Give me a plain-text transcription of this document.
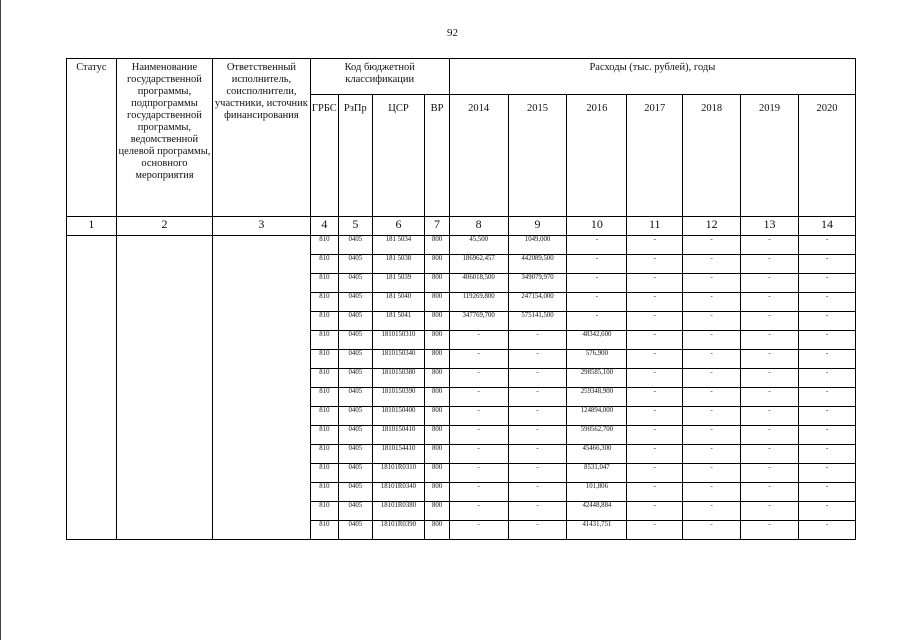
92
Статус	Наименование государственной программы, подпрограммы государственной программы, ведомственной целевой программы, основного мероприятия	Ответственный исполнитель, соисполнители, участники, источник финансирования	Код бюджетной классификации				Расходы (тыс. рублей), годы						
			ГРБС	РзПр	ЦСР	ВР	2014	2015	2016	2017	2018	2019	2020
1	2	3	4	5	6	7	8	9	10	11	12	13	14
			810	0405	181 5034	800	45,500	1049,000	-	-	-	-	-
			810	0405	181 5038	800	186962,457	442089,500	-	-	-	-	-
			810	0405	181 5039	800	406018,500	349079,970	-	-	-	-	-
			810	0405	181 5040	800	119269,800	247154,000	-	-	-	-	-
			810	0405	181 5041	800	347769,700	575141,500	-	-	-	-	-
			810	0405	1810150310	800	-	-	48342,600	-	-	-	-
			810	0405	1810150340	800	-	-	576,900	-	-	-	-
			810	0405	1810150380	800	-	-	298585,100	-	-	-	-
			810	0405	1810150390	800	-	-	259348,900	-	-	-	-
			810	0405	1810150400	800	-	-	124894,000	-	-	-	-
			810	0405	1810150410	800	-	-	590562,700	-	-	-	-
			810	0405	1810154410	800	-	-	45466,300	-	-	-	-
			810	0405	18101R0310	800	-	-	8531,047	-	-	-	-
			810	0405	18101R0340	800	-	-	101,806	-	-	-	-
			810	0405	18101R0380	800	-	-	42448,884	-	-	-	-
			810	0405	18101R0390	800	-	-	41431,751	-	-	-	-
